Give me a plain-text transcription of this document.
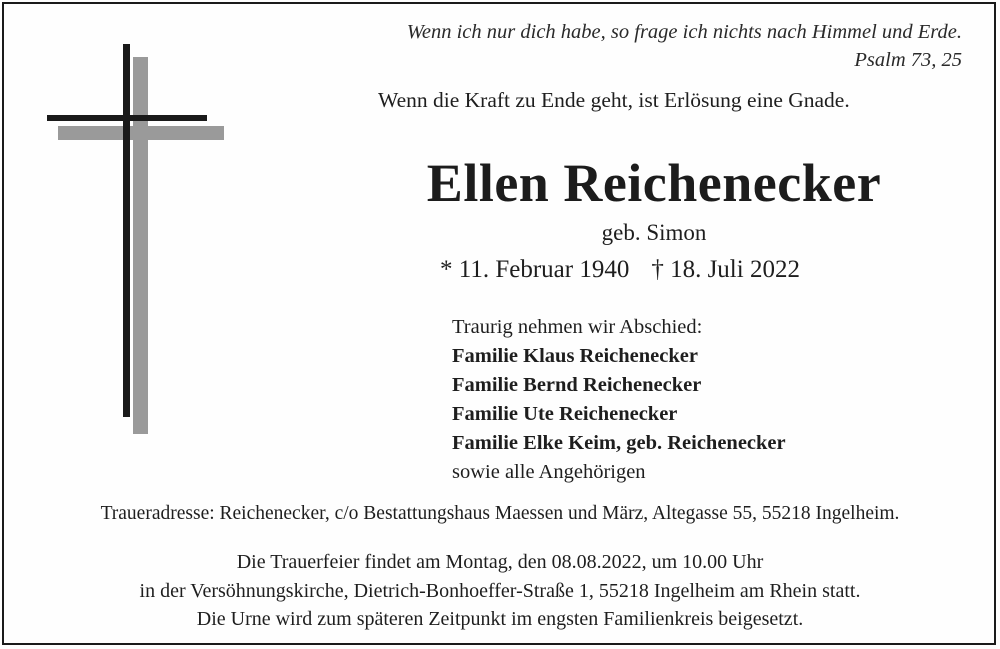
Wenn ich nur dich habe, so frage ich nichts nach Himmel und Erde.
Psalm 73, 25
Wenn die Kraft zu Ende geht, ist Erlösung eine Gnade.
Ellen Reichenecker
geb. Simon
* 11. Februar 1940 † 18. Juli 2022
Traurig nehmen wir Abschied:
Familie Klaus Reichenecker
Familie Bernd Reichenecker
Familie Ute Reichenecker
Familie Elke Keim, geb. Reichenecker
sowie alle Angehörigen
Traueradresse: Reichenecker, c/o Bestattungshaus Maessen und März, Altegasse 55, 55218 Ingelheim.
Die Trauerfeier findet am Montag, den 08.08.2022, um 10.00 Uhr
in der Versöhnungskirche, Dietrich-Bonhoeffer-Straße 1, 55218 Ingelheim am Rhein statt.
Die Urne wird zum späteren Zeitpunkt im engsten Familienkreis beigesetzt.
